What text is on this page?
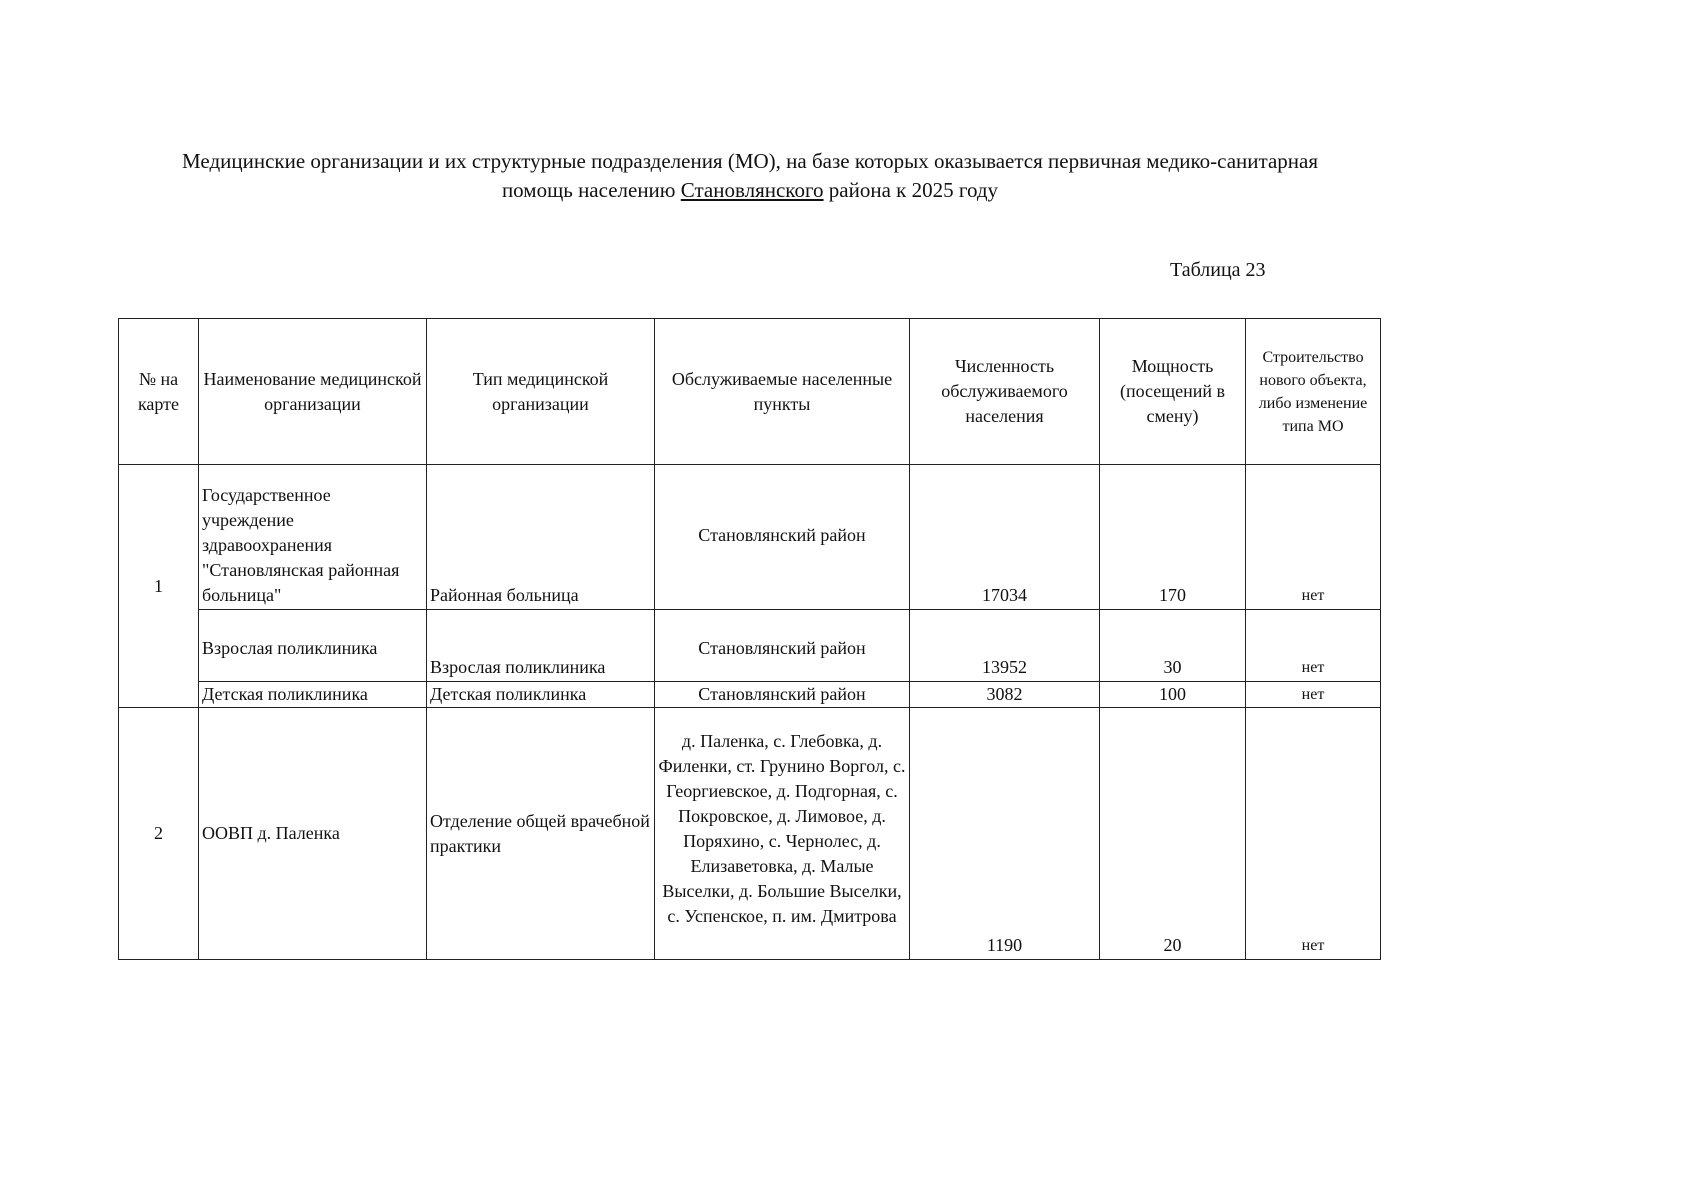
Медицинские организации и их структурные подразделения (МО), на базе которых оказывается первичная медико-санитарная
помощь населению Становлянского района к 2025 году
Таблица 23
№ на карте	Наименование медицинской организации	Тип медицинской организации	Обслуживаемые населенные пункты	Численность обслуживаемого населения	Мощность (посещений в смену)	Строительство нового объекта, либо изменение типа МО
1	Государственное учреждение здравоохранения "Становлянская районная больница"	Районная больница	Становлянский район	17034	170	нет
	Взрослая поликлиника	Взрослая поликлиника	Становлянский район	13952	30	нет
	Детская поликлиника	Детская поликлинка	Становлянский район	3082	100	нет
2	ООВП д. Паленка	Отделение общей врачебной практики	д. Паленка, с. Глебовка, д. Филенки, ст. Грунино Воргол, с. Георгиевское, д. Подгорная, с. Покровское, д. Лимовое, д. Поряхино, с. Чернолес, д. Елизаветовка, д. Малые Выселки, д. Большие Выселки, с. Успенское, п. им. Дмитрова	1190	20	нет
